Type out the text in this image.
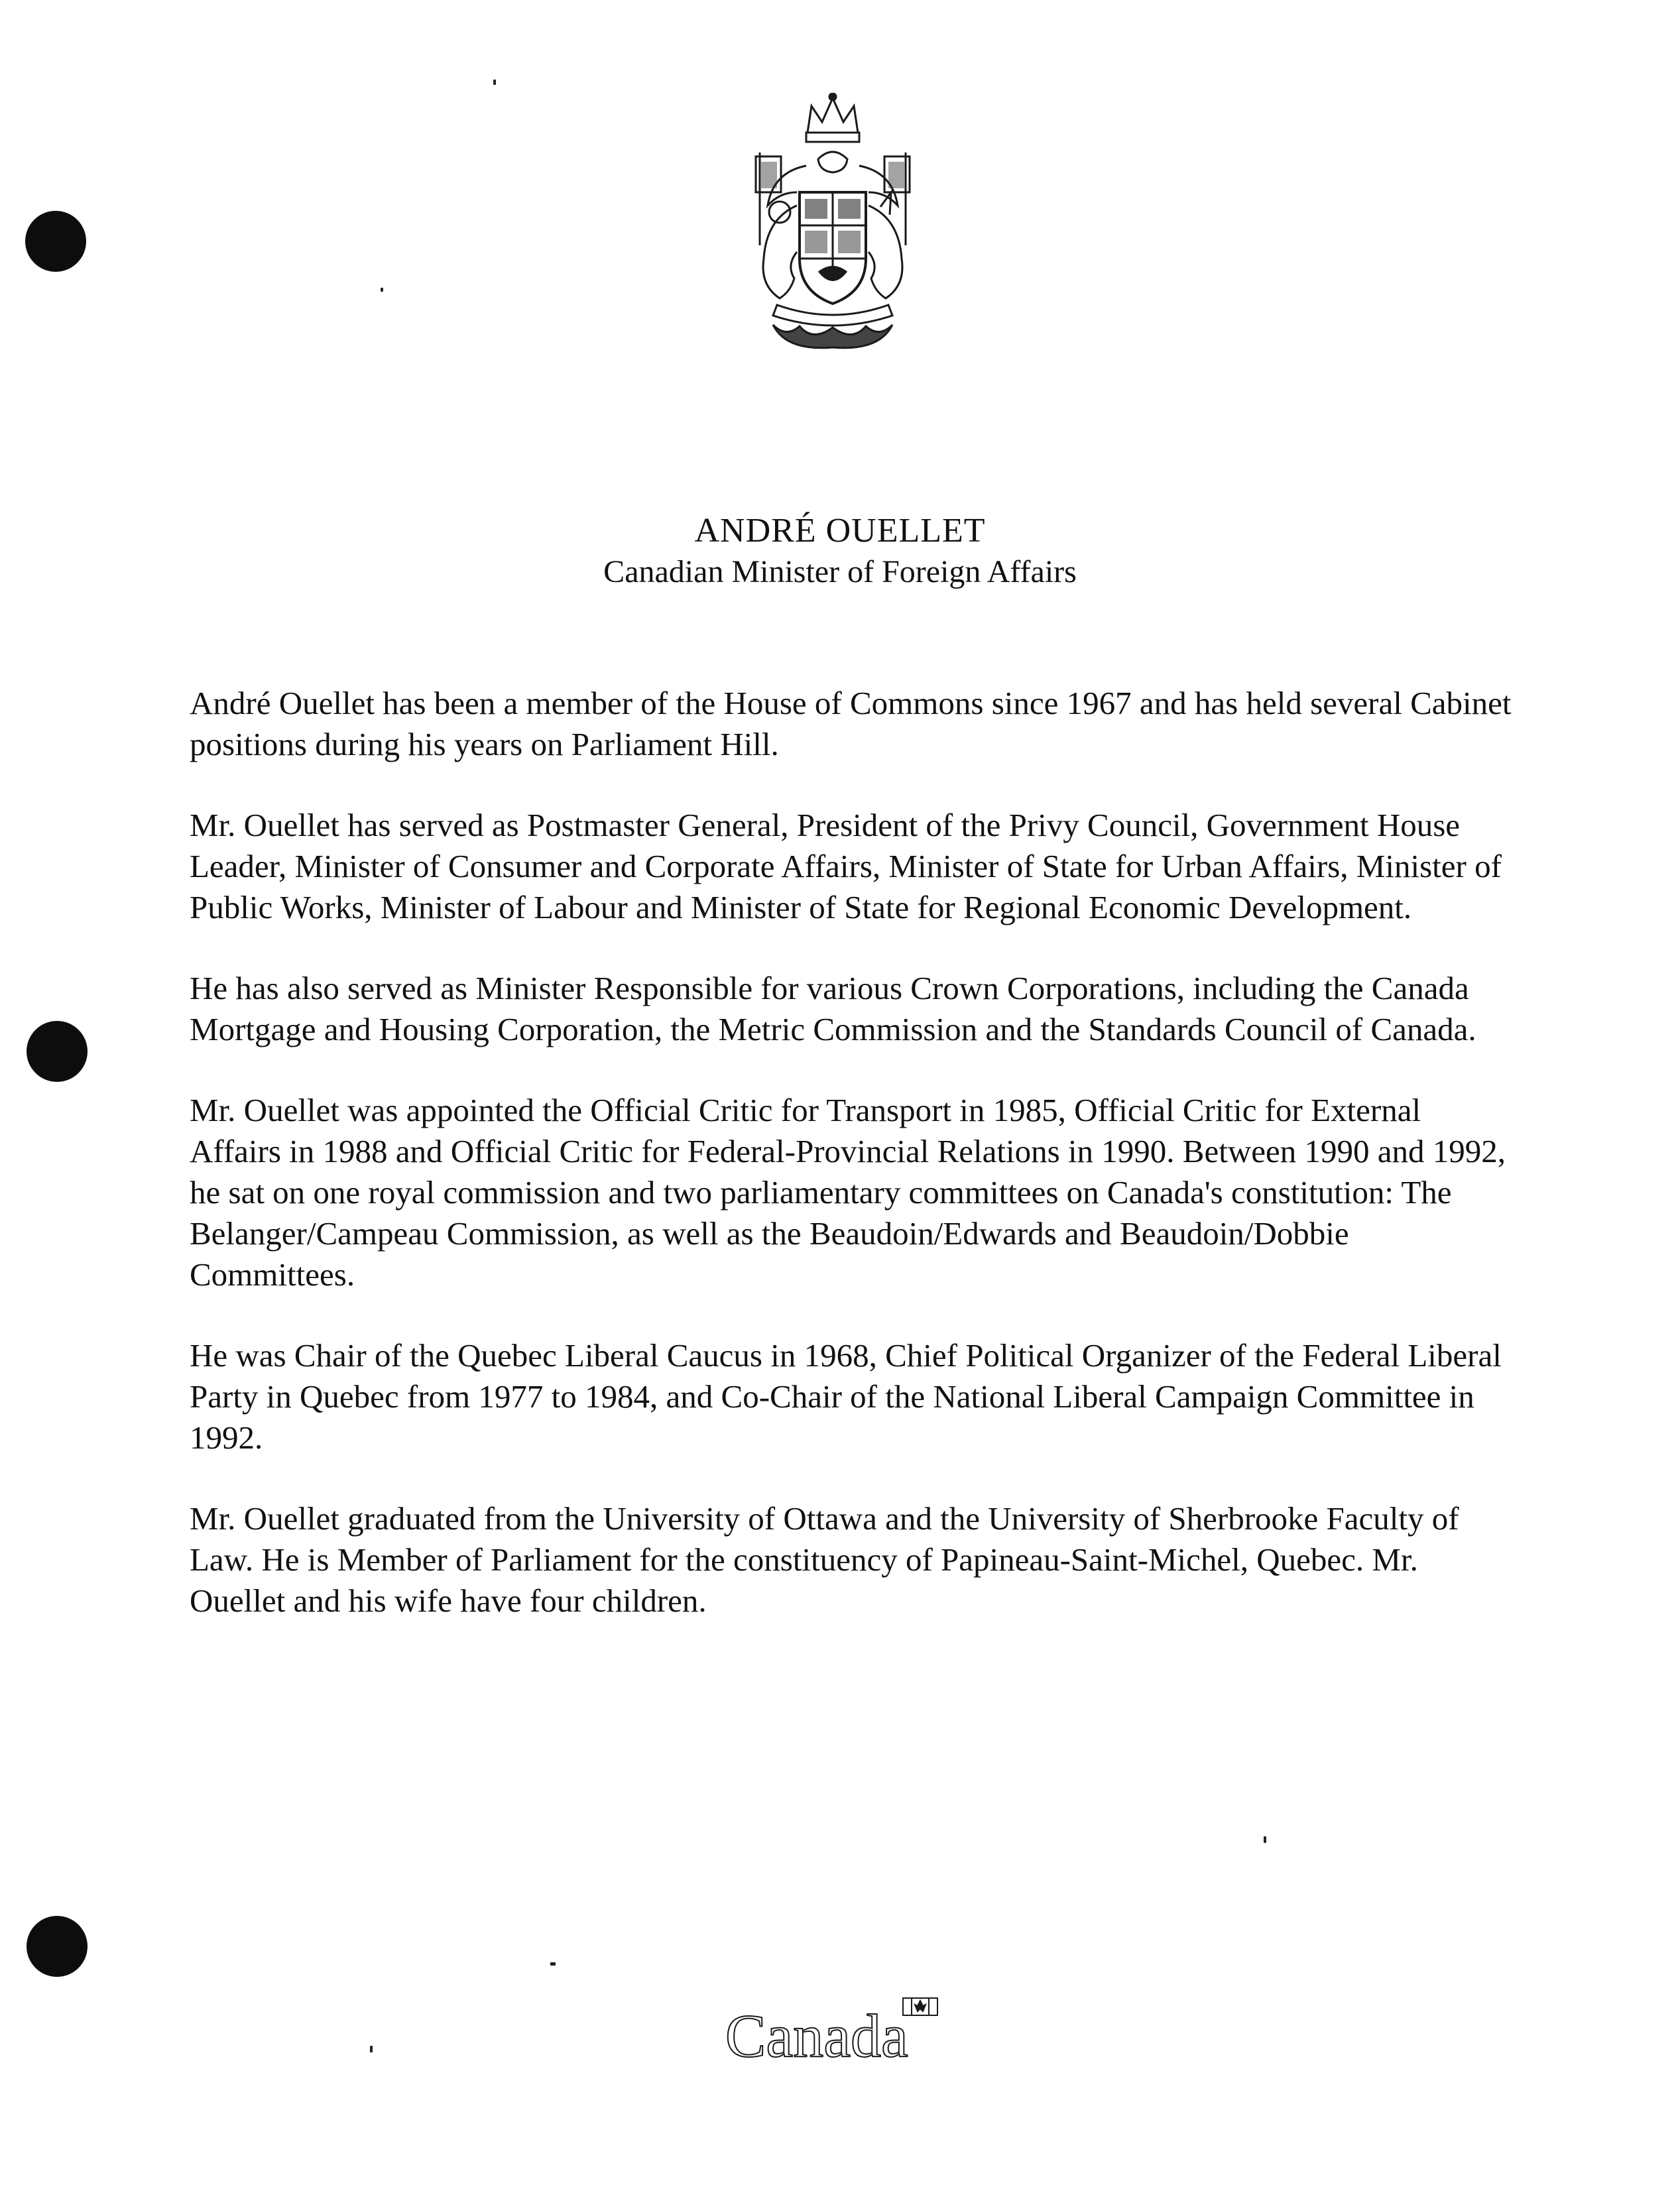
ANDRÉ OUELLET
Canadian Minister of Foreign Affairs

André Ouellet has been a member of the House of Commons since 1967 and has held several Cabinet positions during his years on Parliament Hill.

Mr. Ouellet has served as Postmaster General, President of the Privy Council, Government House Leader, Minister of Consumer and Corporate Affairs, Minister of State for Urban Affairs, Minister of Public Works, Minister of Labour and Minister of State for Regional Economic Development.

He has also served as Minister Responsible for various Crown Corporations, including the Canada Mortgage and Housing Corporation, the Metric Commission and the Standards Council of Canada.

Mr. Ouellet was appointed the Official Critic for Transport in 1985, Official Critic for External Affairs in 1988 and Official Critic for Federal-Provincial Relations in 1990. Between 1990 and 1992, he sat on one royal commission and two parliamentary committees on Canada's constitution: The Belanger/Campeau Commission, as well as the Beaudoin/Edwards and Beaudoin/Dobbie Committees.

He was Chair of the Quebec Liberal Caucus in 1968, Chief Political Organizer of the Federal Liberal Party in Quebec from 1977 to 1984, and Co-Chair of the National Liberal Campaign Committee in 1992.

Mr. Ouellet graduated from the University of Ottawa and the University of Sherbrooke Faculty of Law. He is Member of Parliament for the constituency of Papineau-Saint-Michel, Quebec. Mr. Ouellet and his wife have four children.

Canada
